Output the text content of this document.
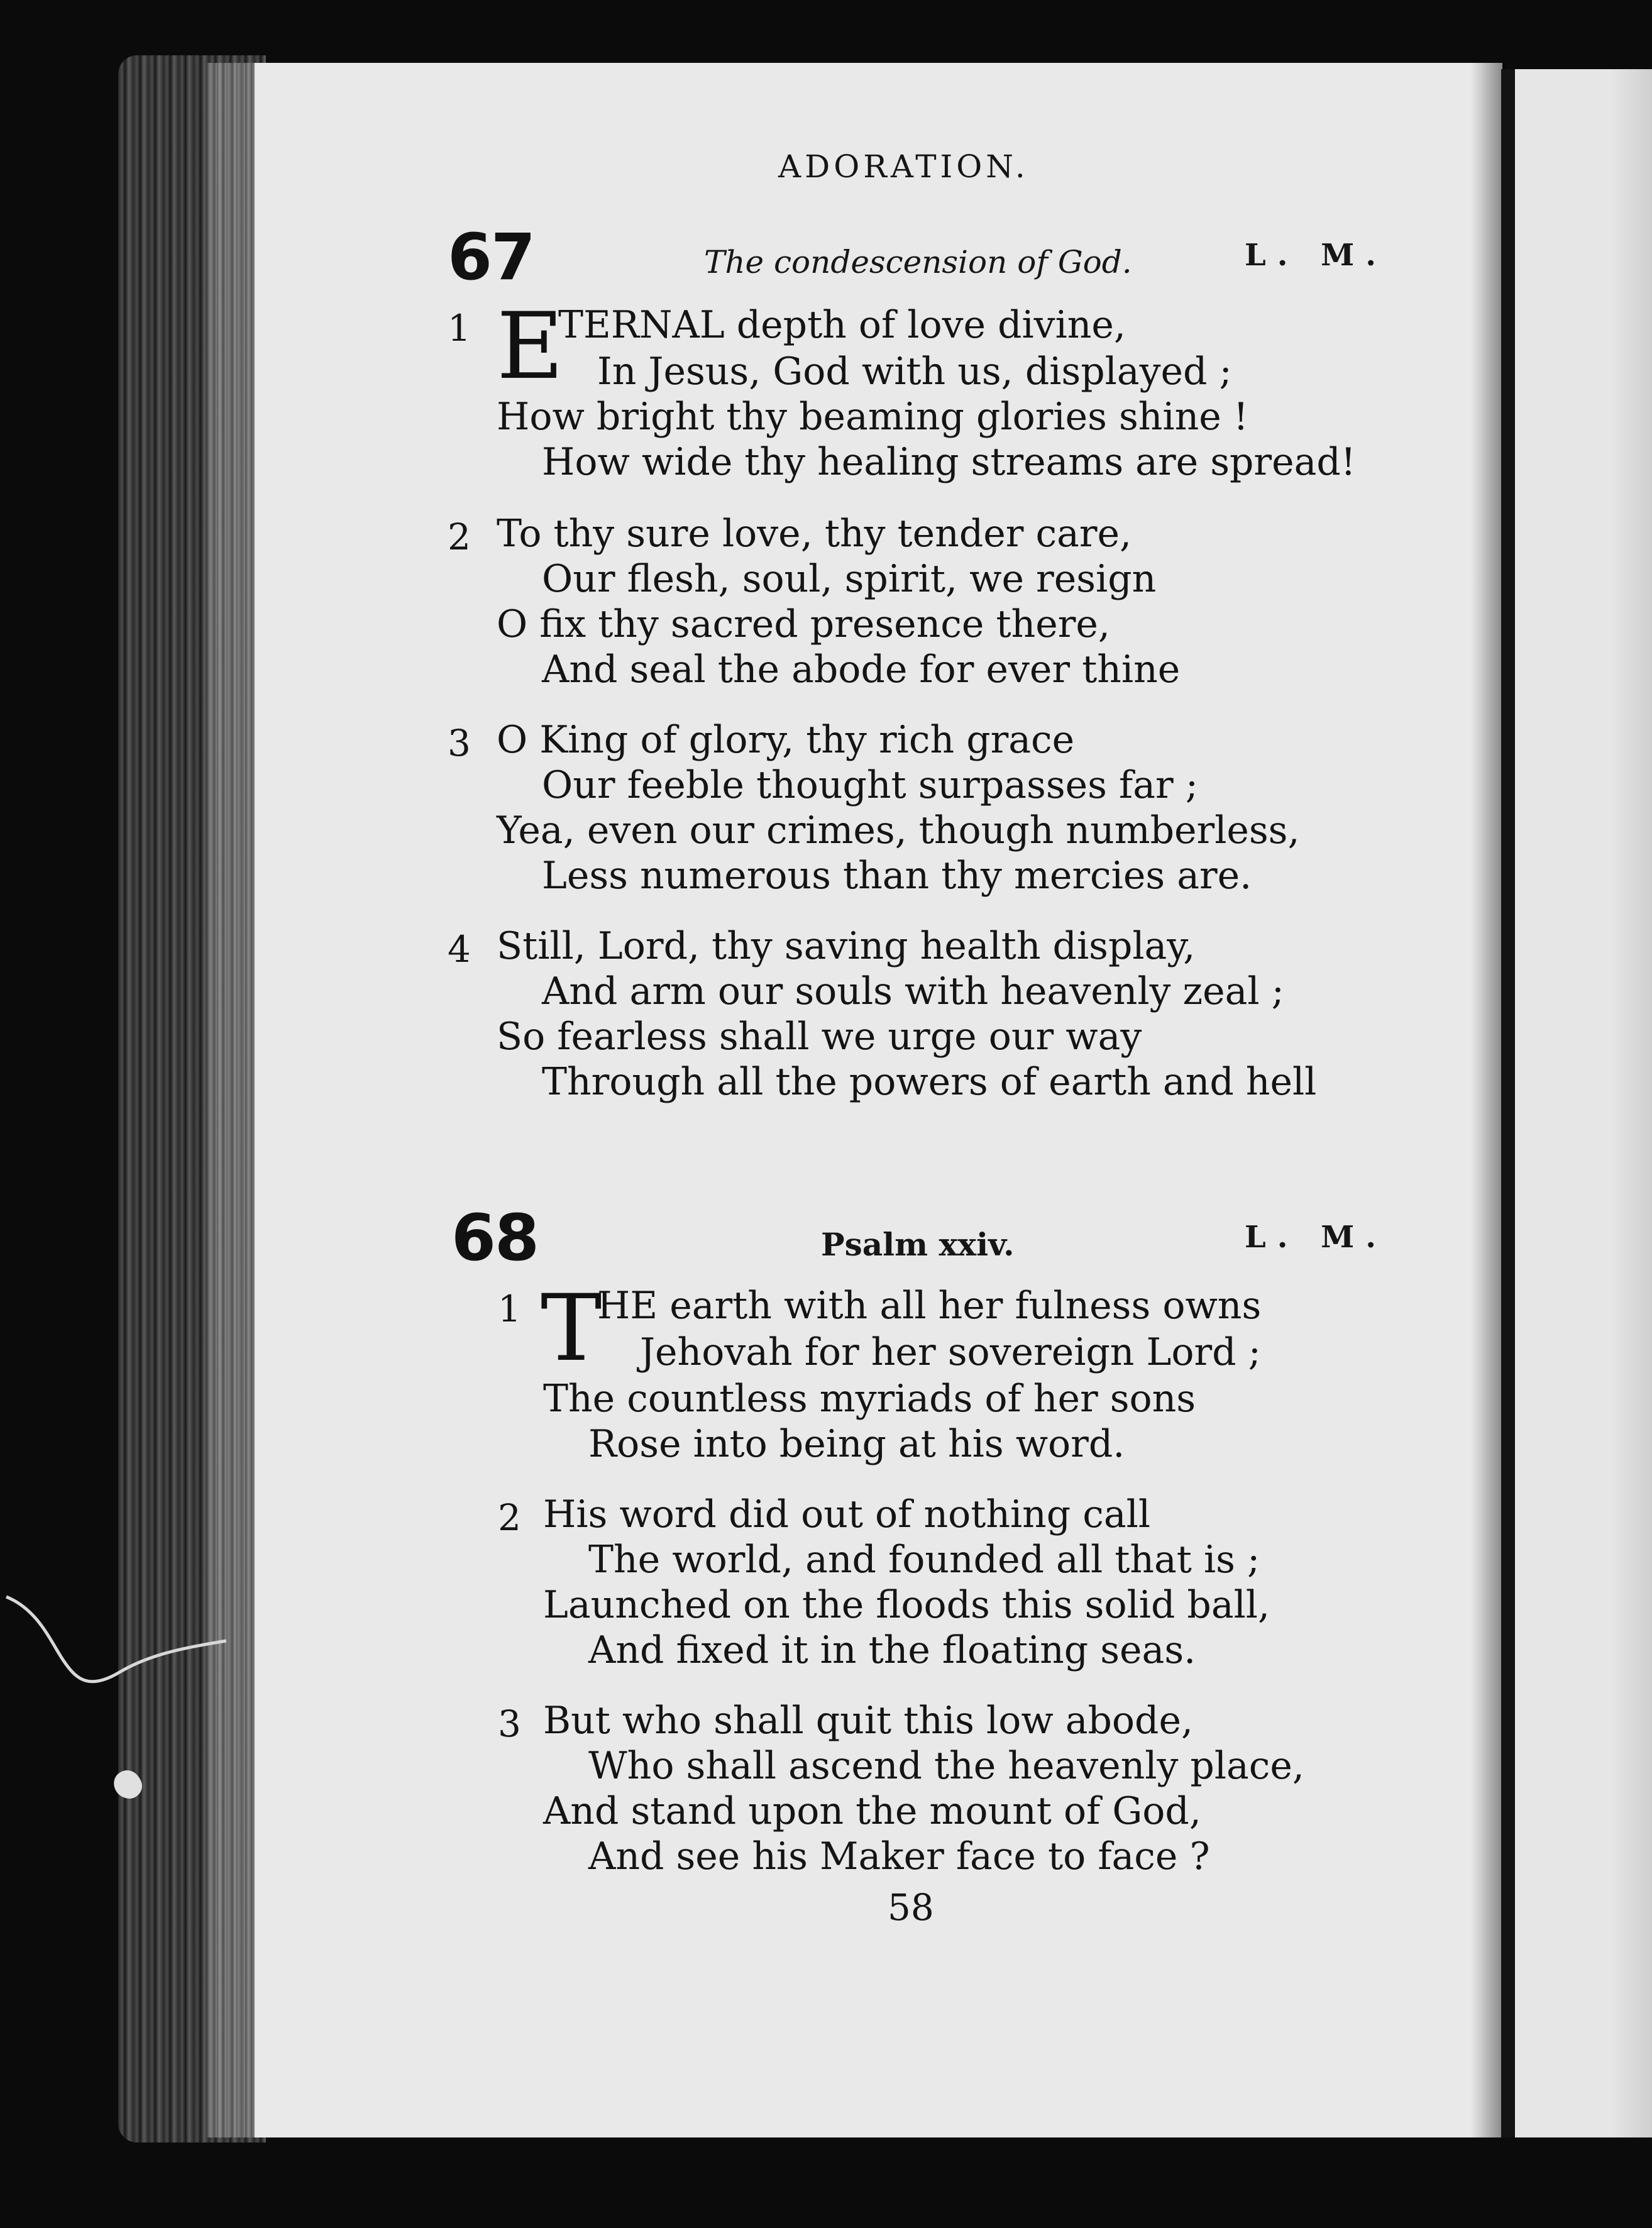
ADORATION.
67	The condescension of God.	L. M.
1 E
TERNAL depth of love divine,
In Jesus, God with us, displayed ;
How bright thy beaming glories shine !
How wide thy healing streams are spread!
2 To thy sure love, thy tender care,
Our flesh, soul, spirit, we resign
O fix thy sacred presence there,
And seal the abode for ever thine
3 O King of glory, thy rich grace
Our feeble thought surpasses far ;
Yea, even our crimes, though numberless,
Less numerous than thy mercies are.
4 Still, Lord, thy saving health display,
And arm our souls with heavenly zeal ;
So fearless shall we urge our way
Through all the powers of earth and hell
68	Psalm xxiv.	L. M.
1 T
HE earth with all her fulness owns
Jehovah for her sovereign Lord ;
The countless myriads of her sons
Rose into being at his word.
2 His word did out of nothing call
The world, and founded all that is ;
Launched on the floods this solid ball,
And fixed it in the floating seas.
3 But who shall quit this low abode,
Who shall ascend the heavenly place,
And stand upon the mount of God,
And see his Maker face to face ?
58
